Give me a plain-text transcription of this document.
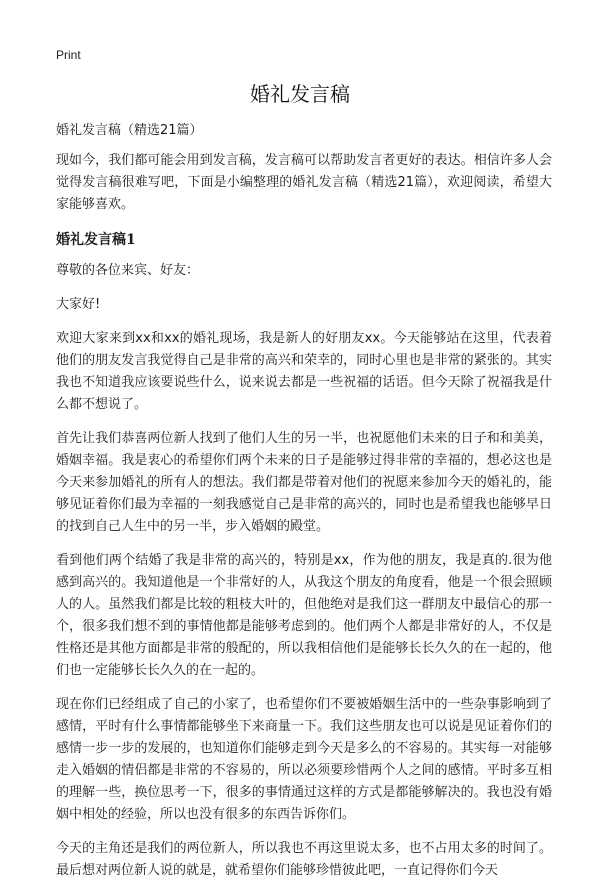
Print
婚礼发言稿
婚礼发言稿（精选21篇）

现如今，我们都可能会用到发言稿，发言稿可以帮助发言者更好的表达。相信许多人会觉得发言稿很难写吧，下面是小编整理的婚礼发言稿（精选21篇），欢迎阅读，希望大家能够喜欢。

婚礼发言稿1

尊敬的各位来宾、好友：

大家好!

欢迎大家来到xx和xx的婚礼现场，我是新人的好朋友xx。今天能够站在这里，代表着他们的朋友发言我觉得自己是非常的高兴和荣幸的，同时心里也是非常的紧张的。其实我也不知道我应该要说些什么，说来说去都是一些祝福的话语。但今天除了祝福我是什么都不想说了。

首先让我们恭喜两位新人找到了他们人生的另一半，也祝愿他们未来的日子和和美美，婚姻幸福。我是衷心的希望你们两个未来的日子是能够过得非常的幸福的，想必这也是今天来参加婚礼的所有人的想法。我们都是带着对他们的祝愿来参加今天的婚礼的，能够见证着你们最为幸福的一刻我感觉自己是非常的高兴的，同时也是希望我也能够早日的找到自己人生中的另一半，步入婚姻的殿堂。

看到他们两个结婚了我是非常的高兴的，特别是xx，作为他的朋友，我是真的.很为他感到高兴的。我知道他是一个非常好的人，从我这个朋友的角度看，他是一个很会照顾人的人。虽然我们都是比较的粗枝大叶的，但他绝对是我们这一群朋友中最信心的那一个，很多我们想不到的事情他都是能够考虑到的。他们两个人都是非常好的人，不仅是性格还是其他方面都是非常的般配的，所以我相信他们是能够长长久久的在一起的，他们也一定能够长长久久的在一起的。

现在你们已经组成了自己的小家了，也希望你们不要被婚姻生活中的一些杂事影响到了感情，平时有什么事情都能够坐下来商量一下。我们这些朋友也可以说是见证着你们的感情一步一步的发展的，也知道你们能够走到今天是多么的不容易的。其实每一对能够走入婚姻的情侣都是非常的不容易的，所以必须要珍惜两个人之间的感情。平时多互相的理解一些，换位思考一下，很多的事情通过这样的方式是都能够解决的。我也没有婚姻中相处的经验，所以也没有很多的东西告诉你们。

今天的主角还是我们的两位新人，所以我也不再这里说太多，也不占用太多的时间了。最后想对两位新人说的就是，就希望你们能够珍惜彼此吧，一直记得你们今天
